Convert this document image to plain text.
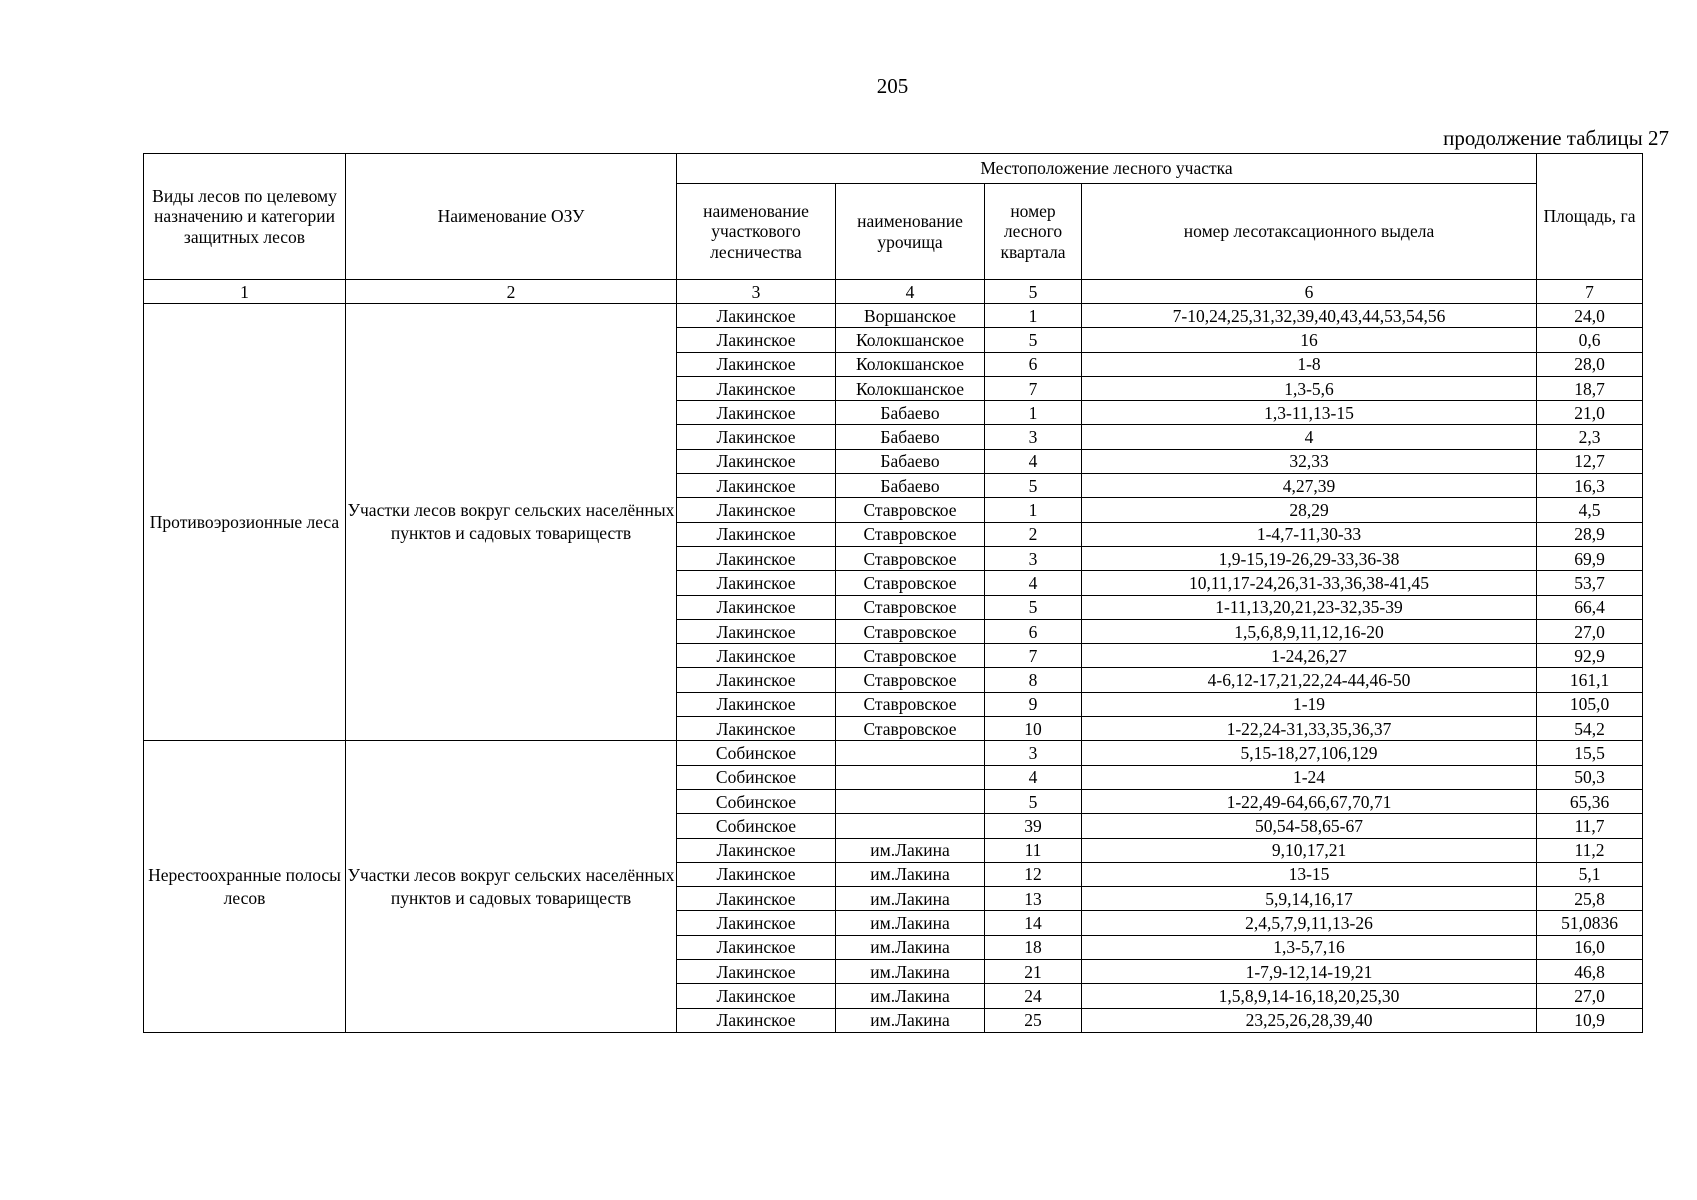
205
продолжение таблицы 27
Виды лесов по целевому назначению и категории защитных лесов	Наименование ОЗУ	Местоположение лесного участка				Площадь, га
		наименование участкового лесничества	наименование урочища	номер лесного квартала	номер лесотаксационного выдела	
1	2	3	4	5	6	7
Противоэрозионные леса	Участки лесов вокруг сельских населённых пунктов и садовых товариществ	Лакинское	Воршанское	1	7-10,24,25,31,32,39,40,43,44,53,54,56	24,0
		Лакинское	Колокшанское	5	16	0,6
		Лакинское	Колокшанское	6	1-8	28,0
		Лакинское	Колокшанское	7	1,3-5,6	18,7
		Лакинское	Бабаево	1	1,3-11,13-15	21,0
		Лакинское	Бабаево	3	4	2,3
		Лакинское	Бабаево	4	32,33	12,7
		Лакинское	Бабаево	5	4,27,39	16,3
		Лакинское	Ставровское	1	28,29	4,5
		Лакинское	Ставровское	2	1-4,7-11,30-33	28,9
		Лакинское	Ставровское	3	1,9-15,19-26,29-33,36-38	69,9
		Лакинское	Ставровское	4	10,11,17-24,26,31-33,36,38-41,45	53,7
		Лакинское	Ставровское	5	1-11,13,20,21,23-32,35-39	66,4
		Лакинское	Ставровское	6	1,5,6,8,9,11,12,16-20	27,0
		Лакинское	Ставровское	7	1-24,26,27	92,9
		Лакинское	Ставровское	8	4-6,12-17,21,22,24-44,46-50	161,1
		Лакинское	Ставровское	9	1-19	105,0
		Лакинское	Ставровское	10	1-22,24-31,33,35,36,37	54,2
Нерестоохранные полосы лесов	Участки лесов вокруг сельских населённых пунктов и садовых товариществ	Собинское		3	5,15-18,27,106,129	15,5
		Собинское		4	1-24	50,3
		Собинское		5	1-22,49-64,66,67,70,71	65,36
		Собинское		39	50,54-58,65-67	11,7
		Лакинское	им.Лакина	11	9,10,17,21	11,2
		Лакинское	им.Лакина	12	13-15	5,1
		Лакинское	им.Лакина	13	5,9,14,16,17	25,8
		Лакинское	им.Лакина	14	2,4,5,7,9,11,13-26	51,0836
		Лакинское	им.Лакина	18	1,3-5,7,16	16,0
		Лакинское	им.Лакина	21	1-7,9-12,14-19,21	46,8
		Лакинское	им.Лакина	24	1,5,8,9,14-16,18,20,25,30	27,0
		Лакинское	им.Лакина	25	23,25,26,28,39,40	10,9
